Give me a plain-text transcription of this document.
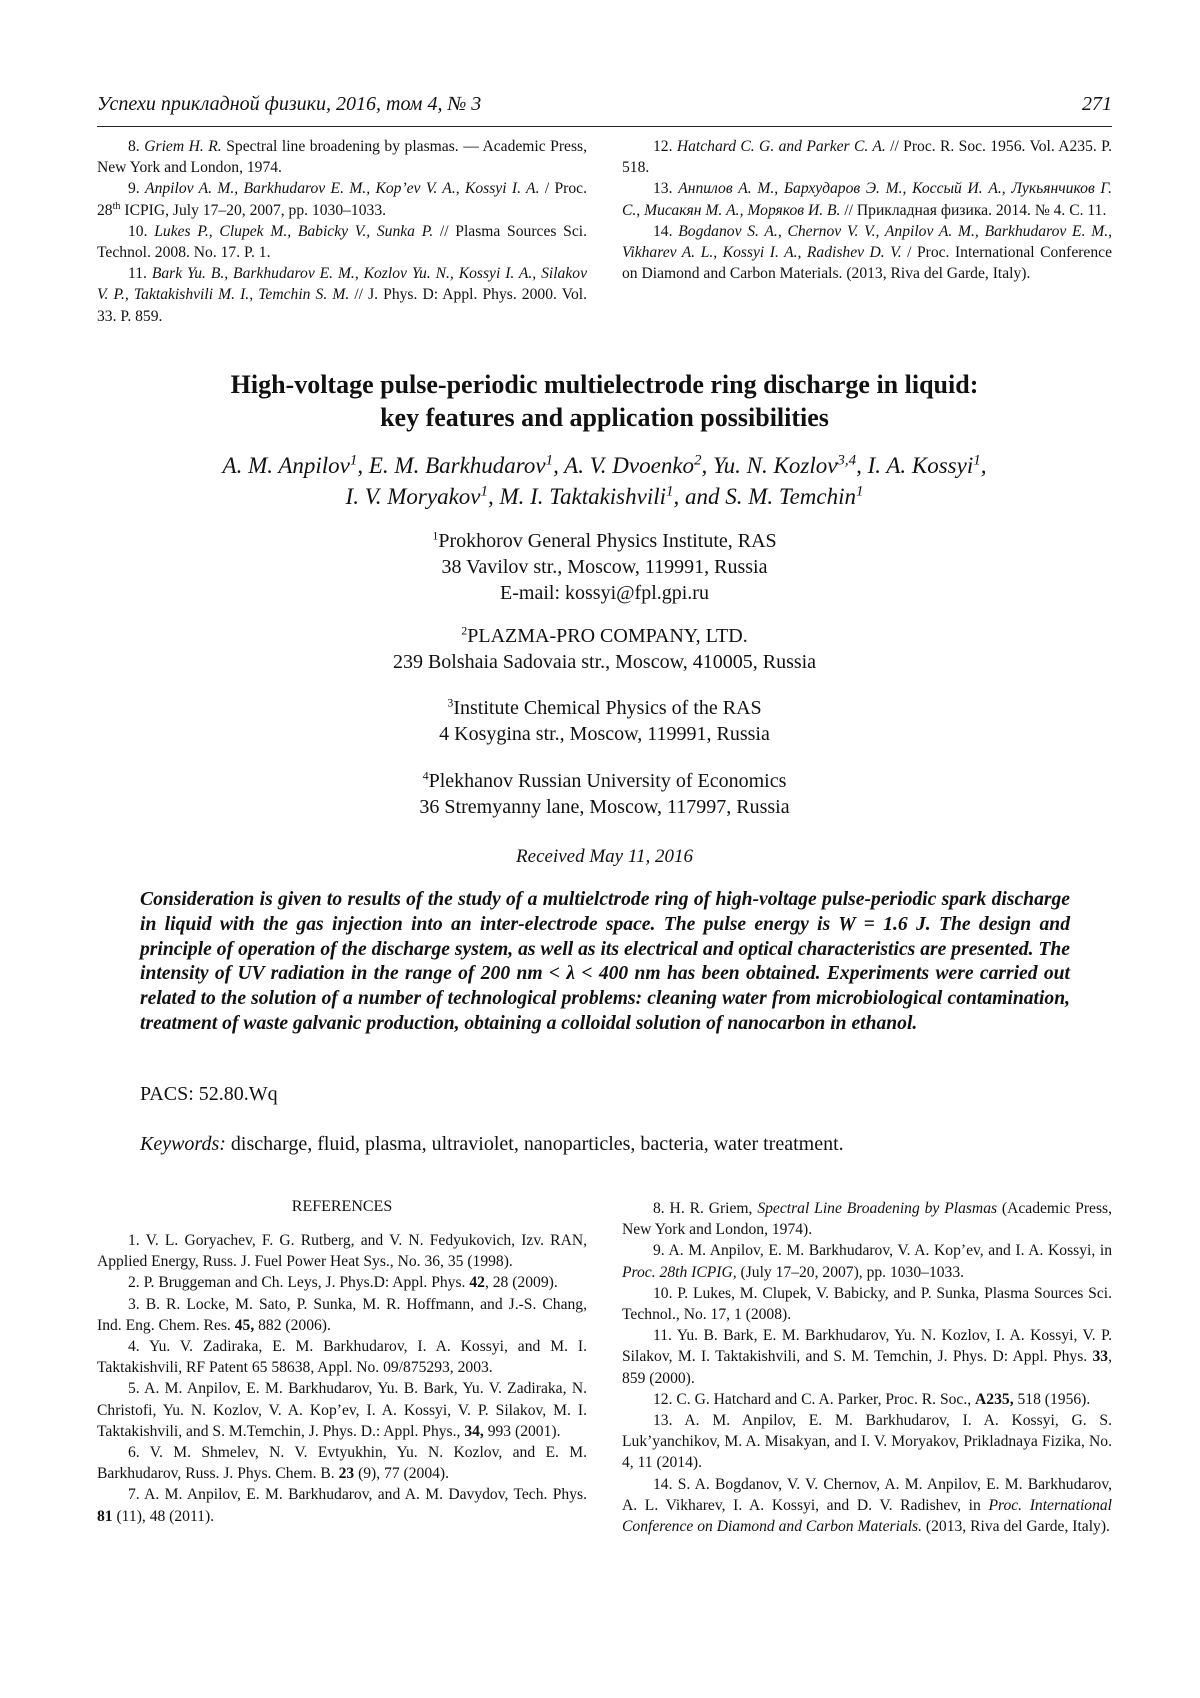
Успехи прикладной физики, 2016, том 4, № 3	271

8. Griem H. R. Spectral line broadening by plasmas. — Academic Press, New York and London, 1974.

9. Anpilov A. M., Barkhudarov E. M., Kop’ev V. A., Kossyi I. A. / Proc. 28th ICPIG, July 17–20, 2007, pp. 1030–1033.

10. Lukes P., Clupek M., Babicky V., Sunka P. // Plasma Sources Sci. Technol. 2008. No. 17. P. 1.

11. Bark Yu. B., Barkhudarov E. M., Kozlov Yu. N., Kossyi I. A., Silakov V. P., Taktakishvili M. I., Temchin S. M. // J. Phys. D: Appl. Phys. 2000. Vol. 33. P. 859.

12. Hatchard C. G. and Parker C. A. // Proc. R. Soc. 1956. Vol. A235. P. 518.

13. Анпилов А. М., Бархударов Э. М., Коссый И. А., Лукьянчиков Г. С., Мисакян М. А., Моряков И. В. // Прикладная физика. 2014. № 4. С. 11.

14. Bogdanov S. A., Chernov V. V., Anpilov A. M., Barkhudarov E. M., Vikharev A. L., Kossyi I. A., Radishev D. V. / Proc. International Conference on Diamond and Carbon Materials. (2013, Riva del Garde, Italy).

High-voltage pulse-periodic multielectrode ring discharge in liquid:
key features and application possibilities
A. M. Anpilov$^1$, E. M. Barkhudarov$^1$, A. V. Dvoenko$^2$, Yu. N. Kozlov$^{3,4}$, I. A. Kossyi$^1$,
I. V. Moryakov$^1$, M. I. Taktakishvili$^1$, and S. M. Temchin$^1$
$^1$Prokhorov General Physics Institute, RAS
38 Vavilov str., Moscow, 119991, Russia
E-mail: kossyi@fpl.gpi.ru
$^2$PLAZMA-PRO COMPANY, LTD.
239 Bolshaia Sadovaia str., Moscow, 410005, Russia
$^3$Institute Chemical Physics of the RAS
4 Kosygina str., Moscow, 119991, Russia
$^4$Plekhanov Russian University of Economics
36 Stremyanny lane, Moscow, 117997, Russia
Received May 11, 2016
Consideration is given to results of the study of a multielctrode ring of high-voltage pulse-periodic spark discharge in liquid with the gas injection into an inter-electrode space. The pulse energy is W = 1.6 J. The design and principle of operation of the discharge system, as well as its electrical and optical characteristics are presented. The intensity of UV radiation in the range of 200 nm < λ < 400 nm has been obtained. Experiments were carried out related to the solution of a number of technological problems: cleaning water from microbiological contamination, treatment of waste galvanic production, obtaining a colloidal solution of nanocarbon in ethanol.
PACS: 52.80.Wq
Keywords: discharge, fluid, plasma, ultraviolet, nanoparticles, bacteria, water treatment.
REFERENCES

1. V. L. Goryachev, F. G. Rutberg, and V. N. Fedyukovich, Izv. RAN, Applied Energy, Russ. J. Fuel Power Heat Sys., No. 36, 35 (1998).

2. P. Bruggeman and Ch. Leys, J. Phys.D: Appl. Phys. 42, 28 (2009).

3. B. R. Locke, M. Sato, P. Sunka, M. R. Hoffmann, and J.-S. Chang, Ind. Eng. Chem. Res. 45, 882 (2006).

4. Yu. V. Zadiraka, E. M. Barkhudarov, I. A. Kossyi, and M. I. Taktakishvili, RF Patent 65 58638, Appl. No. 09/875293, 2003.

5. A. M. Anpilov, E. M. Barkhudarov, Yu. B. Bark, Yu. V. Zadiraka, N. Christofi, Yu. N. Kozlov, V. A. Kop’ev, I. A. Kossyi, V. P. Silakov, M. I. Taktakishvili, and S. M.Temchin, J. Phys. D.: Appl. Phys., 34, 993 (2001).

6. V. M. Shmelev, N. V. Evtyukhin, Yu. N. Kozlov, and E. M. Barkhudarov, Russ. J. Phys. Chem. B. 23 (9), 77 (2004).

7. A. M. Anpilov, E. M. Barkhudarov, and A. M. Davydov, Tech. Phys. 81 (11), 48 (2011).

8. H. R. Griem, Spectral Line Broadening by Plasmas (Academic Press, New York and London, 1974).

9. A. M. Anpilov, E. M. Barkhudarov, V. A. Kop’ev, and I. A. Kossyi, in Proc. 28th ICPIG, (July 17–20, 2007), pp. 1030–1033.

10. P. Lukes, M. Clupek, V. Babicky, and P. Sunka, Plasma Sources Sci. Technol., No. 17, 1 (2008).

11. Yu. B. Bark, E. M. Barkhudarov, Yu. N. Kozlov, I. A. Kossyi, V. P. Silakov, M. I. Taktakishvili, and S. M. Temchin, J. Phys. D: Appl. Phys. 33, 859 (2000).

12. C. G. Hatchard and C. A. Parker, Proc. R. Soc., A235, 518 (1956).

13. A. M. Anpilov, E. M. Barkhudarov, I. A. Kossyi, G. S. Luk’yanchikov, M. A. Misakyan, and I. V. Moryakov, Prikladnaya Fizika, No. 4, 11 (2014).

14. S. A. Bogdanov, V. V. Chernov, A. M. Anpilov, E. M. Barkhudarov, A. L. Vikharev, I. A. Kossyi, and D. V. Radishev, in Proc. International Conference on Diamond and Carbon Materials. (2013, Riva del Garde, Italy).
